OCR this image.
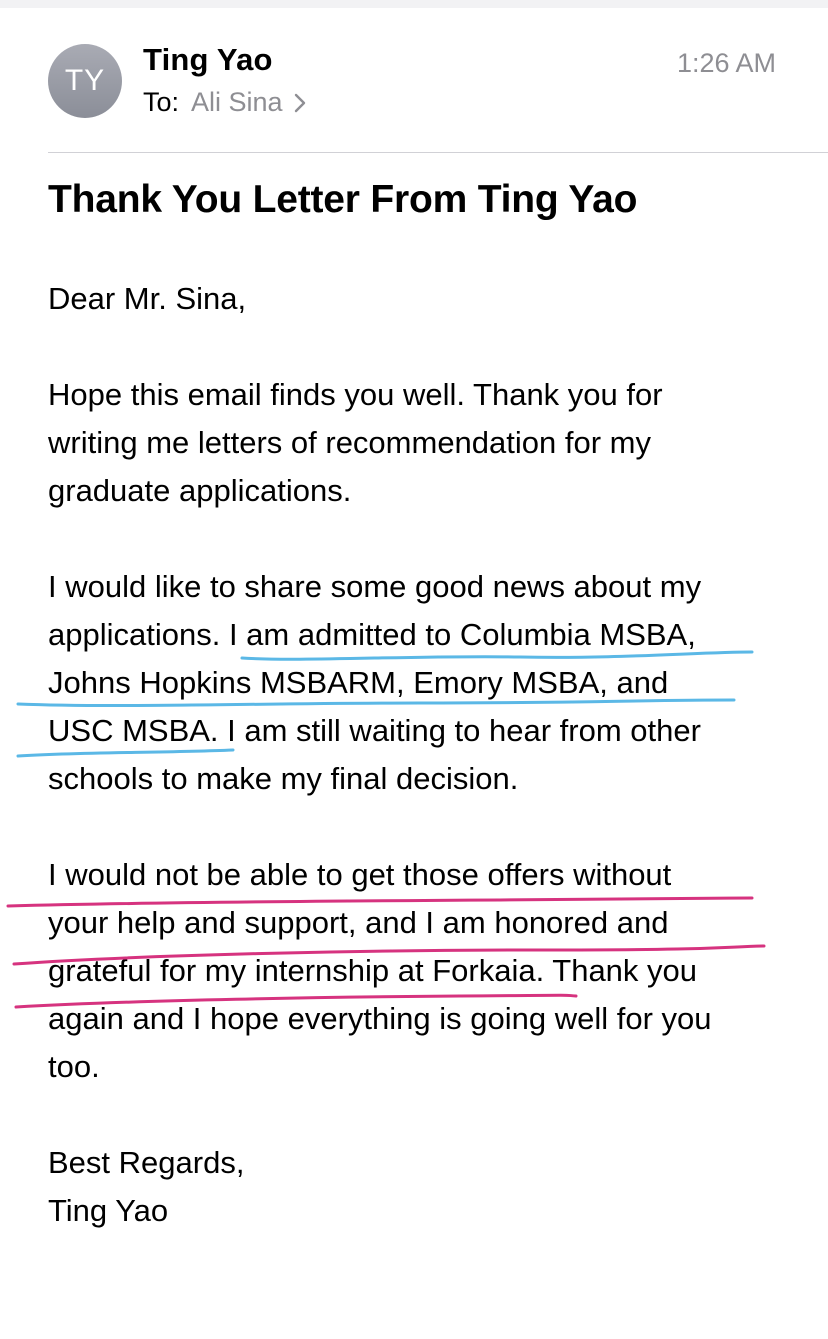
TY
Ting Yao
To: Ali Sina
1:26 AM
Thank You Letter From Ting Yao

Dear Mr. Sina,

Hope this email finds you well. Thank you for
writing me letters of recommendation for my
graduate applications.

I would like to share some good news about my
applications. I am admitted to Columbia MSBA,
Johns Hopkins MSBARM, Emory MSBA, and
USC MSBA. I am still waiting to hear from other
schools to make my final decision.

I would not be able to get those offers without
your help and support, and I am honored and
grateful for my internship at Forkaia. Thank you
again and I hope everything is going well for you
too.

Best Regards,
Ting Yao
